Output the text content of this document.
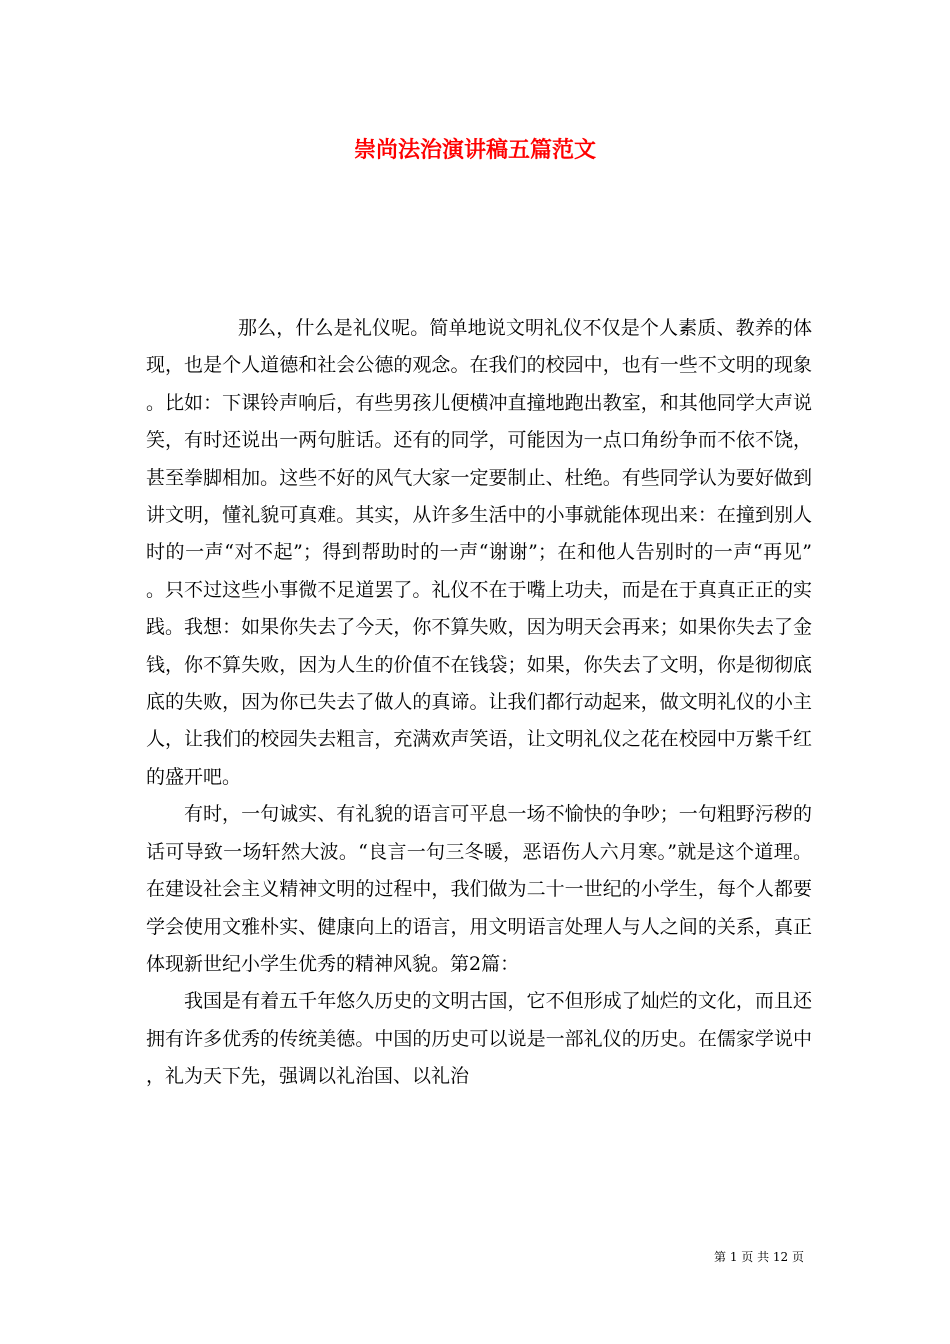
崇尚法治演讲稿五篇范文

那么，什么是礼仪呢。简单地说文明礼仪不仅是个人素质、教养的体现，也是个人道德和社会公德的观念。在我们的校园中，也有一些不文明的现象。比如：下课铃声响后，有些男孩儿便横冲直撞地跑出教室，和其他同学大声说笑，有时还说出一两句脏话。还有的同学，可能因为一点口角纷争而不依不饶，甚至拳脚相加。这些不好的风气大家一定要制止、杜绝。有些同学认为要好做到讲文明，懂礼貌可真难。其实，从许多生活中的小事就能体现出来：在撞到别人时的一声“对不起”；得到帮助时的一声“谢谢”；在和他人告别时的一声“再见”。只不过这些小事微不足道罢了。礼仪不在于嘴上功夫，而是在于真真正正的实践。我想：如果你失去了今天，你不算失败，因为明天会再来；如果你失去了金钱，你不算失败，因为人生的价值不在钱袋；如果，你失去了文明，你是彻彻底底的失败，因为你已失去了做人的真谛。让我们都行动起来，做文明礼仪的小主人，让我们的校园失去粗言，充满欢声笑语，让文明礼仪之花在校园中万紫千红的盛开吧。

有时，一句诚实、有礼貌的语言可平息一场不愉快的争吵；一句粗野污秽的话可导致一场轩然大波。“良言一句三冬暖，恶语伤人六月寒。”就是这个道理。在建设社会主义精神文明的过程中，我们做为二十一世纪的小学生，每个人都要学会使用文雅朴实、健康向上的语言，用文明语言处理人与人之间的关系，真正体现新世纪小学生优秀的精神风貌。第2篇：

我国是有着五千年悠久历史的文明古国，它不但形成了灿烂的文化，而且还拥有许多优秀的传统美德。中国的历史可以说是一部礼仪的历史。在儒家学说中，礼为天下先，强调以礼治国、以礼治

第 1 页 共 12 页
